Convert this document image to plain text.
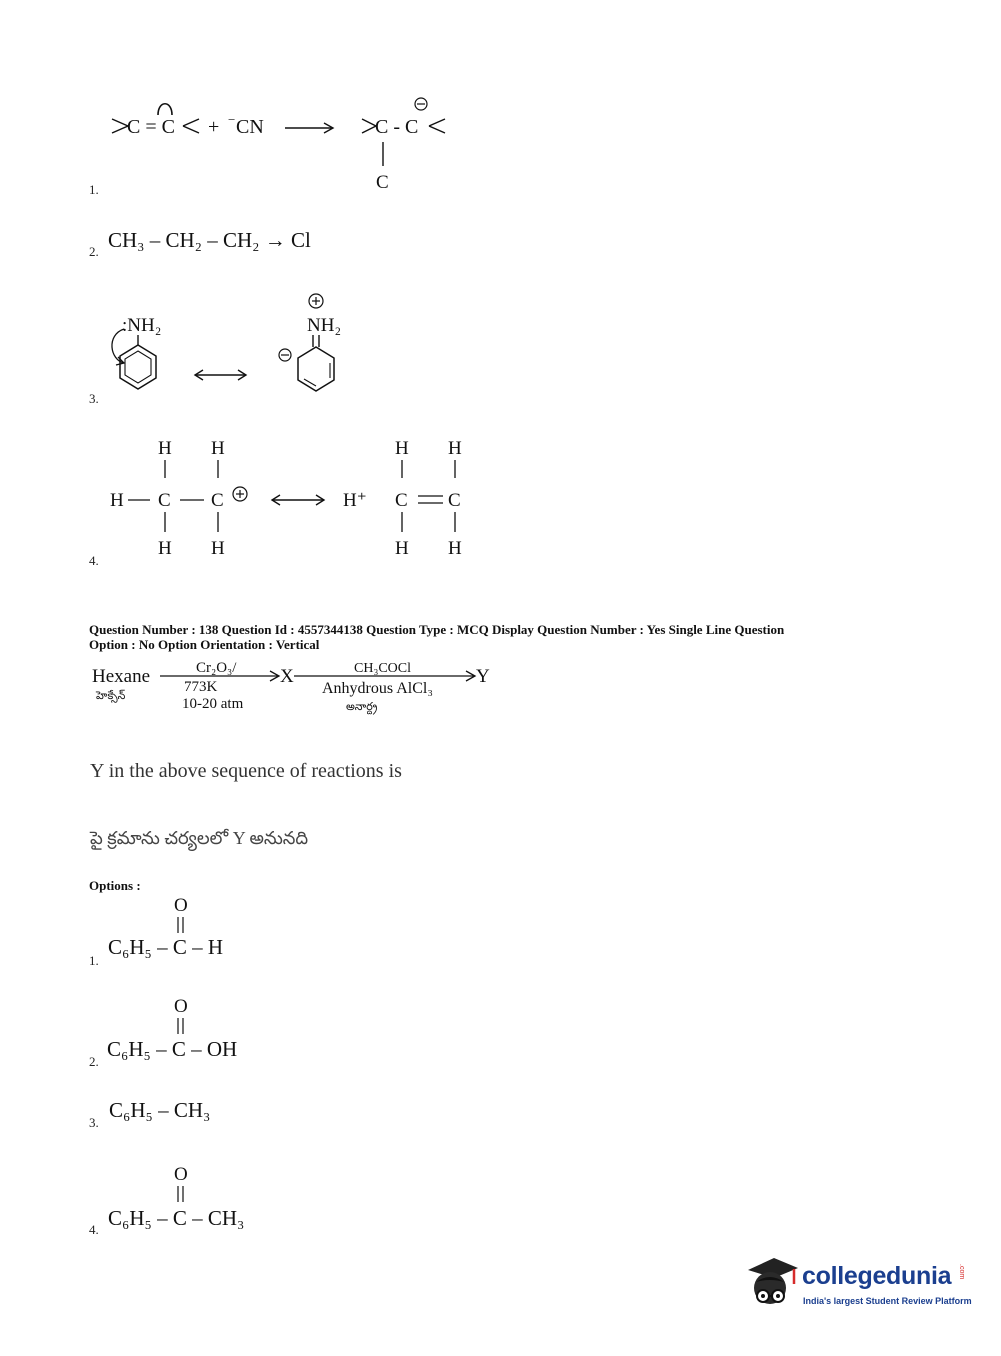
C = C + − CN	C - C
C
1.
2. CH₃ – CH₂ – CH₂ → Cl
:NH₂	NH₂
3.
H H
H C C
H H
H⁺
H H
C C
H H
4.
Question Number : 138 Question Id : 4557344138 Question Type : MCQ Display Question Number : Yes Single Line Question
Option : No Option Orientation : Vertical
Hexane
హెక్సేన్
Cr₂O₃/
773K
10-20 atm
X	CH₃COCl
Anhydrous AlCl₃
అనార్ద్ర
Y
Y in the above sequence of reactions is
పై క్రమాను చర్యలలో Y అనునది
Options :
O
C₆H₅ – C – H
1.
O
C₆H₅ – C – OH
2.
C₆H₅ – CH₃
3.
O
C₆H₅ – C – CH₃
4.
collegedunia .com
India's largest Student Review Platform
